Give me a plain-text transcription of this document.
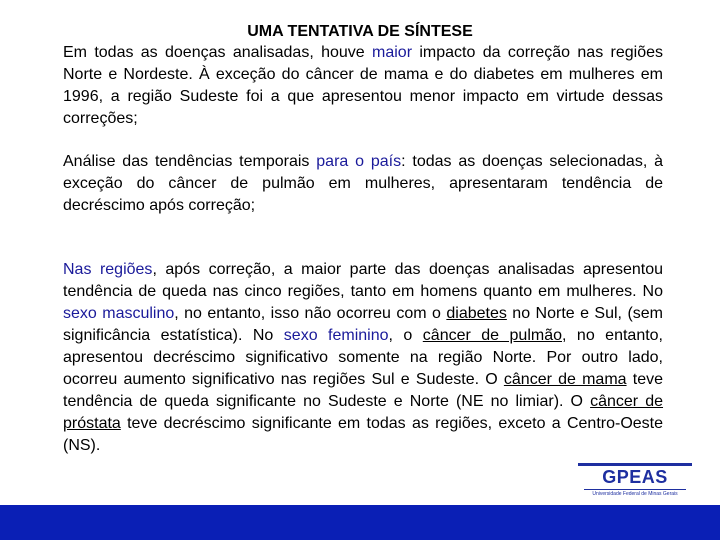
UMA TENTATIVA DE SÍNTESE

Em todas as doenças analisadas, houve maior impacto da correção nas regiões Norte e Nordeste. À exceção do câncer de mama e do diabetes em mulheres em 1996, a região Sudeste foi a que apresentou menor impacto em virtude dessas correções;

Análise das tendências temporais para o país: todas as doenças selecionadas, à exceção do câncer de pulmão em mulheres, apresentaram tendência de decréscimo após correção;

Nas regiões, após correção, a maior parte das doenças analisadas apresentou tendência de queda nas cinco regiões, tanto em homens quanto em mulheres. No sexo masculino, no entanto, isso não ocorreu com o diabetes no Norte e Sul, (sem significância estatística). No sexo feminino, o câncer de pulmão, no entanto, apresentou decréscimo significativo somente na região Norte. Por outro lado, ocorreu aumento significativo nas regiões Sul e Sudeste. O câncer de mama teve tendência de queda significante no Sudeste e Norte (NE no limiar). O câncer de próstata teve decréscimo significante em todas as regiões, exceto a Centro-Oeste (NS).

GPEAS
Universidade Federal de Minas Gerais
